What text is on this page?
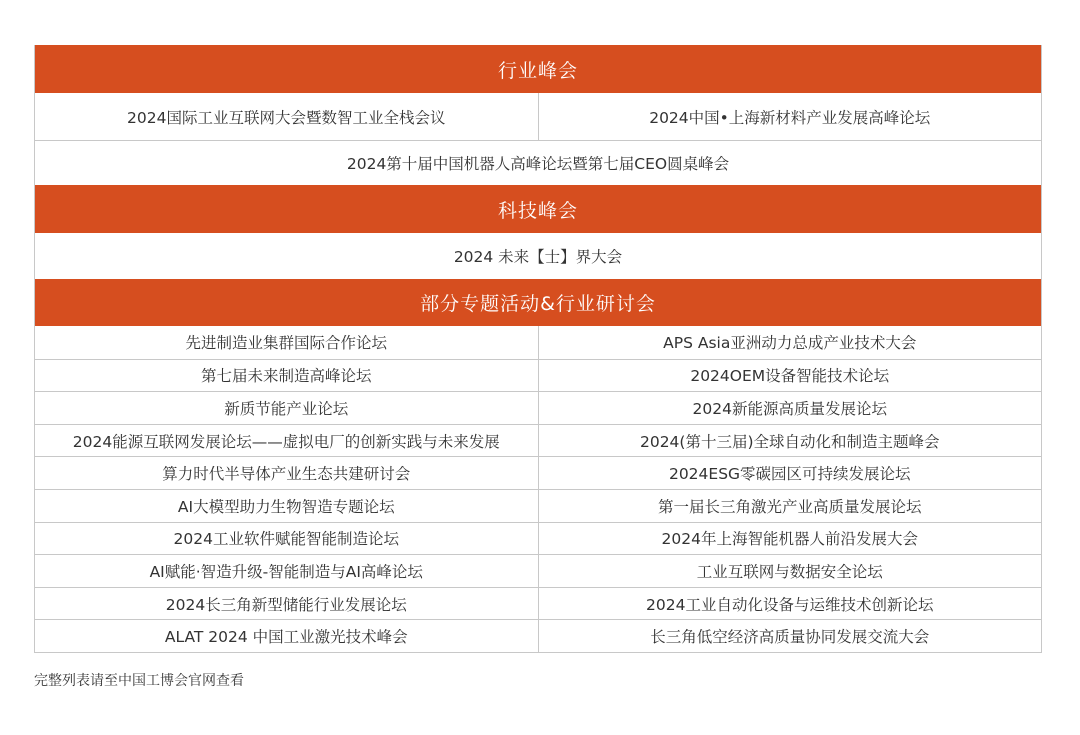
行业峰会
2024国际工业互联网大会暨数智工业全栈会议	2024中国•上海新材料产业发展高峰论坛
2024第十届中国机器人高峰论坛暨第七届CEO圆桌峰会
科技峰会
2024 未来【士】界大会
部分专题活动&行业研讨会
先进制造业集群国际合作论坛	APS Asia亚洲动力总成产业技术大会
第七届未来制造高峰论坛	2024OEM设备智能技术论坛
新质节能产业论坛	2024新能源高质量发展论坛
2024能源互联网发展论坛——虚拟电厂的创新实践与未来发展	2024(第十三届)全球自动化和制造主题峰会
算力时代半导体产业生态共建研讨会	2024ESG零碳园区可持续发展论坛
AI大模型助力生物智造专题论坛	第一届长三角激光产业高质量发展论坛
2024工业软件赋能智能制造论坛	2024年上海智能机器人前沿发展大会
AI赋能·智造升级-智能制造与AI高峰论坛	工业互联网与数据安全论坛
2024长三角新型储能行业发展论坛	2024工业自动化设备与运维技术创新论坛
ALAT 2024 中国工业激光技术峰会	长三角低空经济高质量协同发展交流大会
完整列表请至中国工博会官网查看
